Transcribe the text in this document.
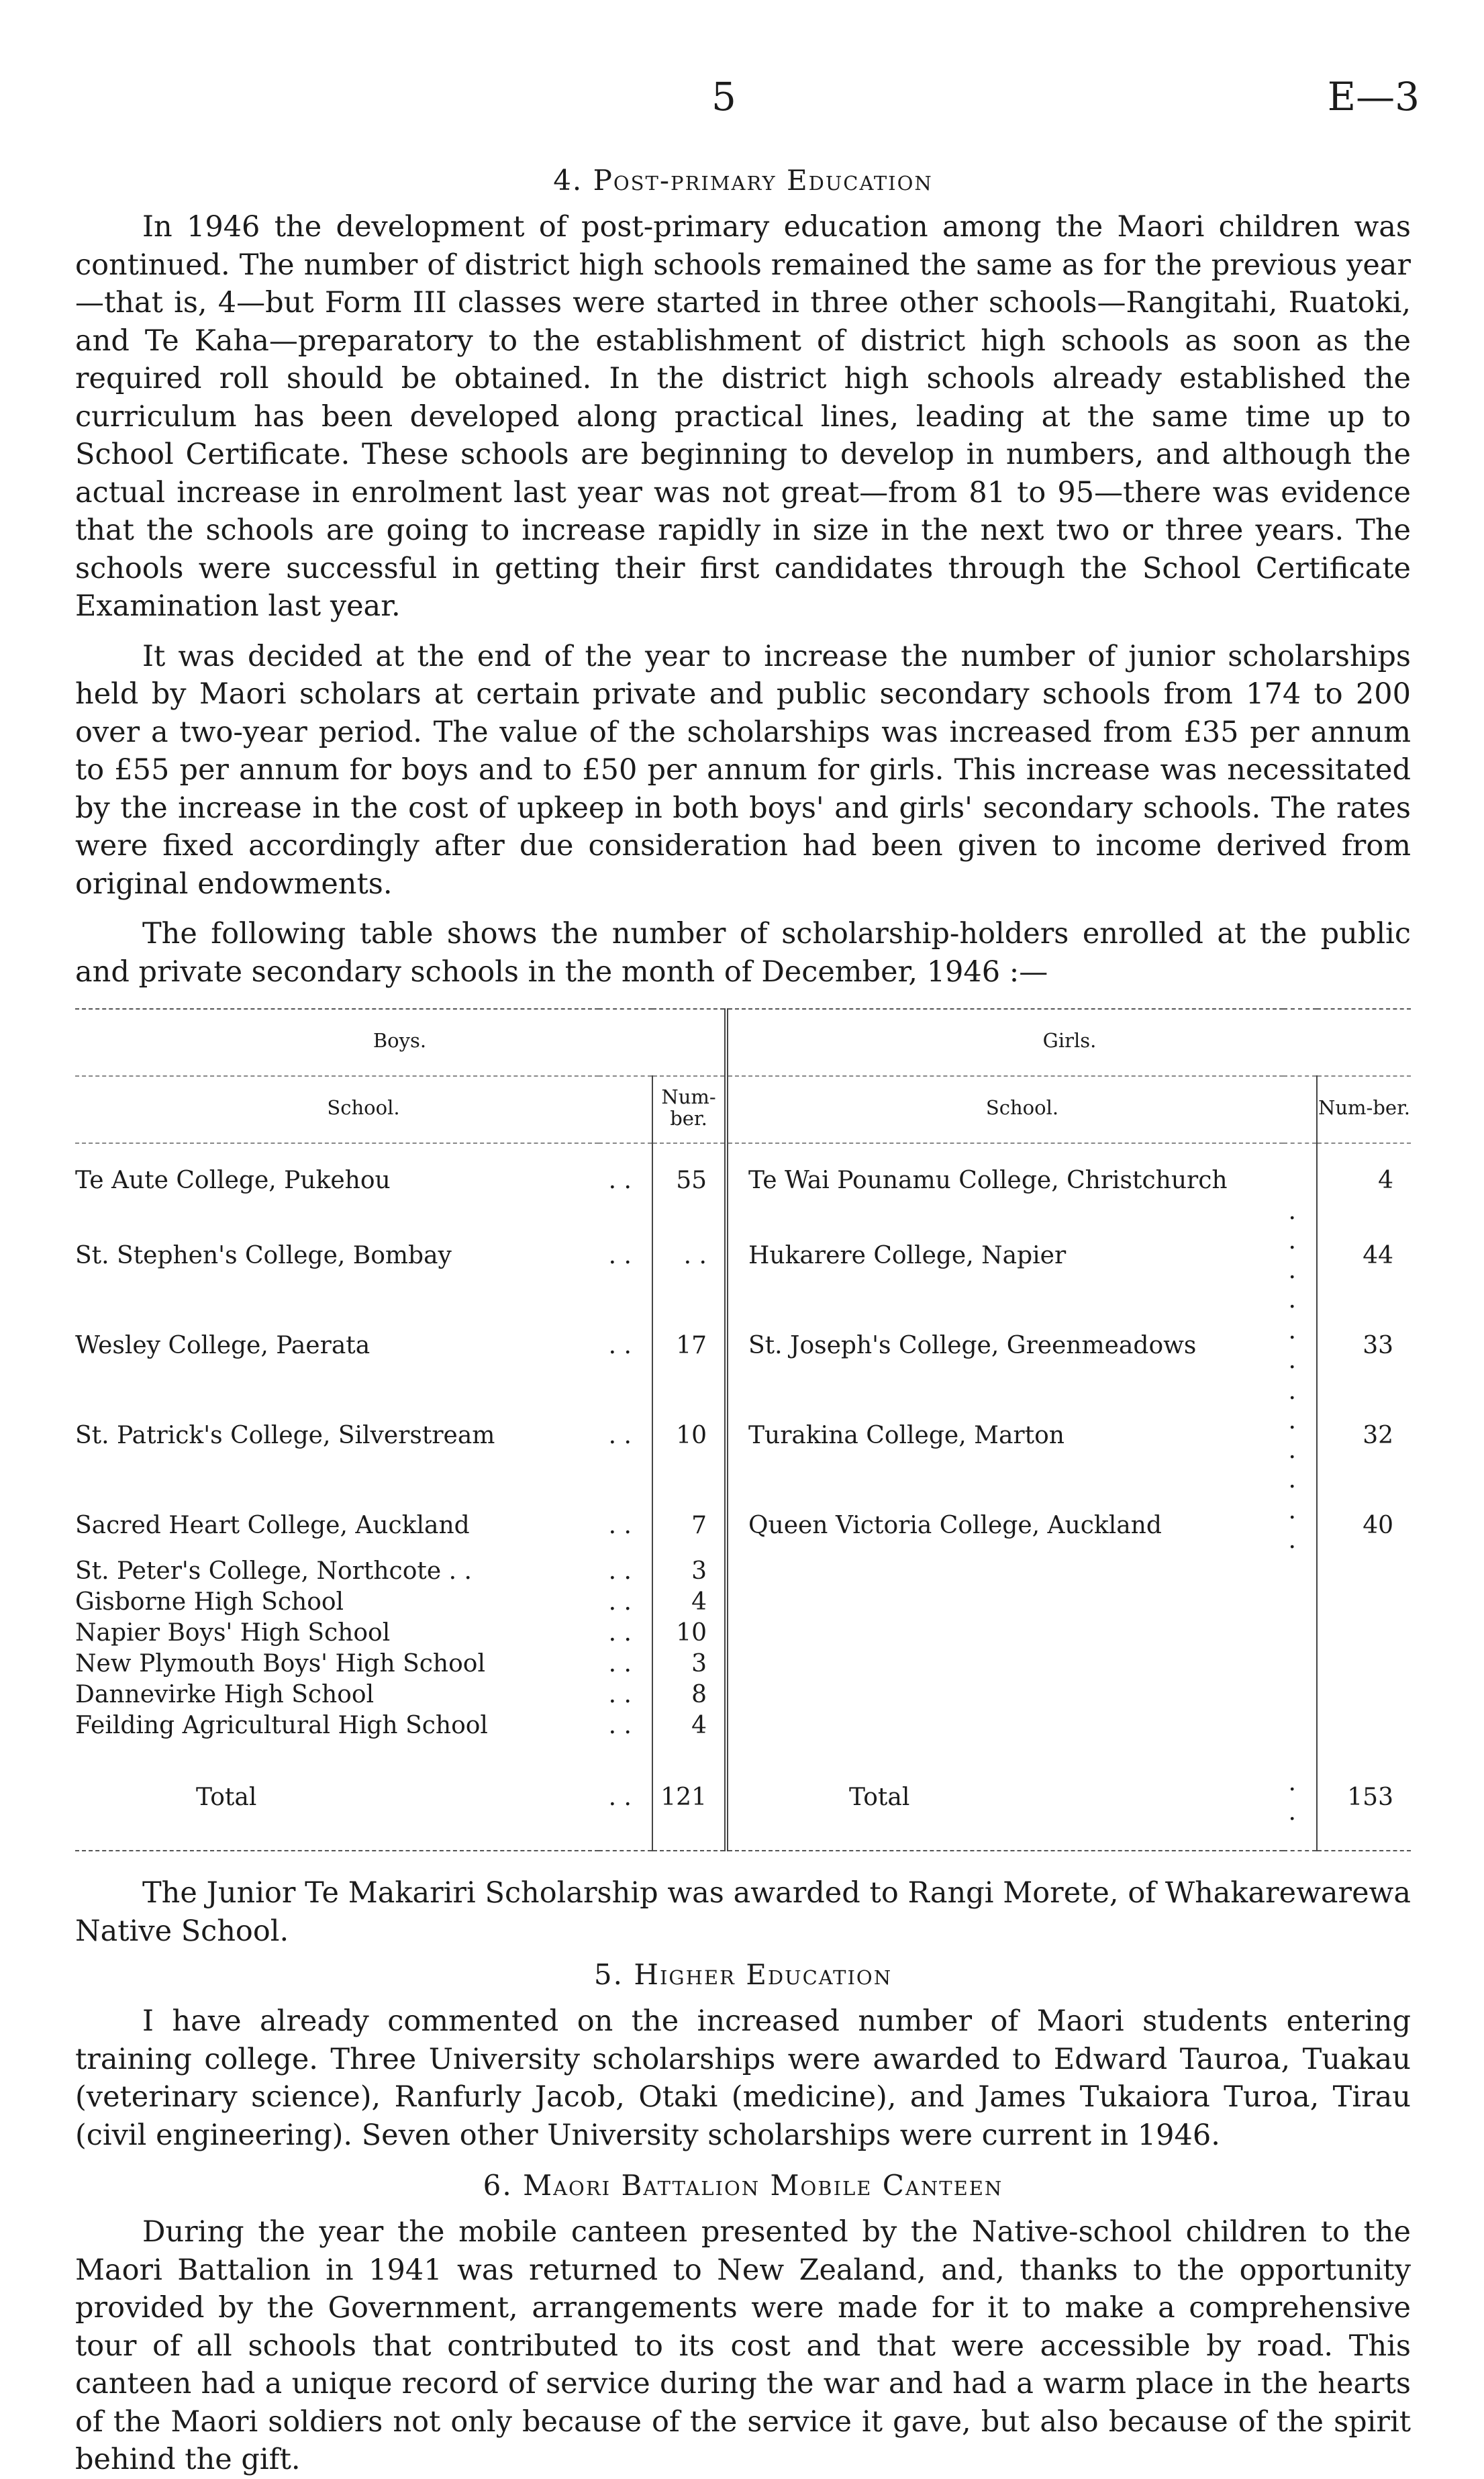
5	E—3
4. Post-primary Education

In 1946 the development of post-primary education among the Maori children was continued. The number of district high schools remained the same as for the previous year—that is, 4—but Form III classes were started in three other schools—Rangitahi, Ruatoki, and Te Kaha—preparatory to the establishment of district high schools as soon as the required roll should be obtained. In the district high schools already established the curriculum has been developed along practical lines, leading at the same time up to School Certificate. These schools are beginning to develop in numbers, and although the actual increase in enrolment last year was not great—from 81 to 95—there was evidence that the schools are going to increase rapidly in size in the next two or three years. The schools were successful in getting their first candidates through the School Certificate Examination last year.

It was decided at the end of the year to increase the number of junior scholarships held by Maori scholars at certain private and public secondary schools from 174 to 200 over a two-year period. The value of the scholarships was increased from £35 per annum to £55 per annum for boys and to £50 per annum for girls. This increase was necessitated by the increase in the cost of upkeep in both boys' and girls' secondary schools. The rates were fixed accordingly after due consideration had been given to income derived from original endowments.

The following table shows the number of scholarship-holders enrolled at the public and private secondary schools in the month of December, 1946 :—

Boys.			Girls.		
School.		Num-ber.	School.		Num-ber.

Te Aute College, Pukehou	. .	55	Te Wai Pounamu College, Christchurch		4
St. Stephen's College, Bombay	. .	. .	Hukarere College, Napier	. . . .	44
Wesley College, Paerata	. .	17	St. Joseph's College, Greenmeadows	. .	33
St. Patrick's College, Silverstream	. .	10	Turakina College, Marton	. . . .	32
Sacred Heart College, Auckland	. .	7	Queen Victoria College, Auckland	. .	40
St. Peter's College, Northcote . .	. .	3			
Gisborne High School	. .	4			
Napier Boys' High School	. .	10			
New Plymouth Boys' High School	. .	3			
Dannevirke High School	. .	8			
Feilding Agricultural High School	. .	4			
Total	. .	121	Total	. .	153

The Junior Te Makariri Scholarship was awarded to Rangi Morete, of Whakarewarewa Native School.

5. Higher Education

I have already commented on the increased number of Maori students entering training college. Three University scholarships were awarded to Edward Tauroa, Tuakau (veterinary science), Ranfurly Jacob, Otaki (medicine), and James Tukaiora Turoa, Tirau (civil engineering). Seven other University scholarships were current in 1946.

6. Maori Battalion Mobile Canteen

During the year the mobile canteen presented by the Native-school children to the Maori Battalion in 1941 was returned to New Zealand, and, thanks to the opportunity provided by the Government, arrangements were made for it to make a comprehensive tour of all schools that contributed to its cost and that were accessible by road. This canteen had a unique record of service during the war and had a warm place in the hearts of the Maori soldiers not only because of the service it gave, but also because of the spirit behind the gift.
